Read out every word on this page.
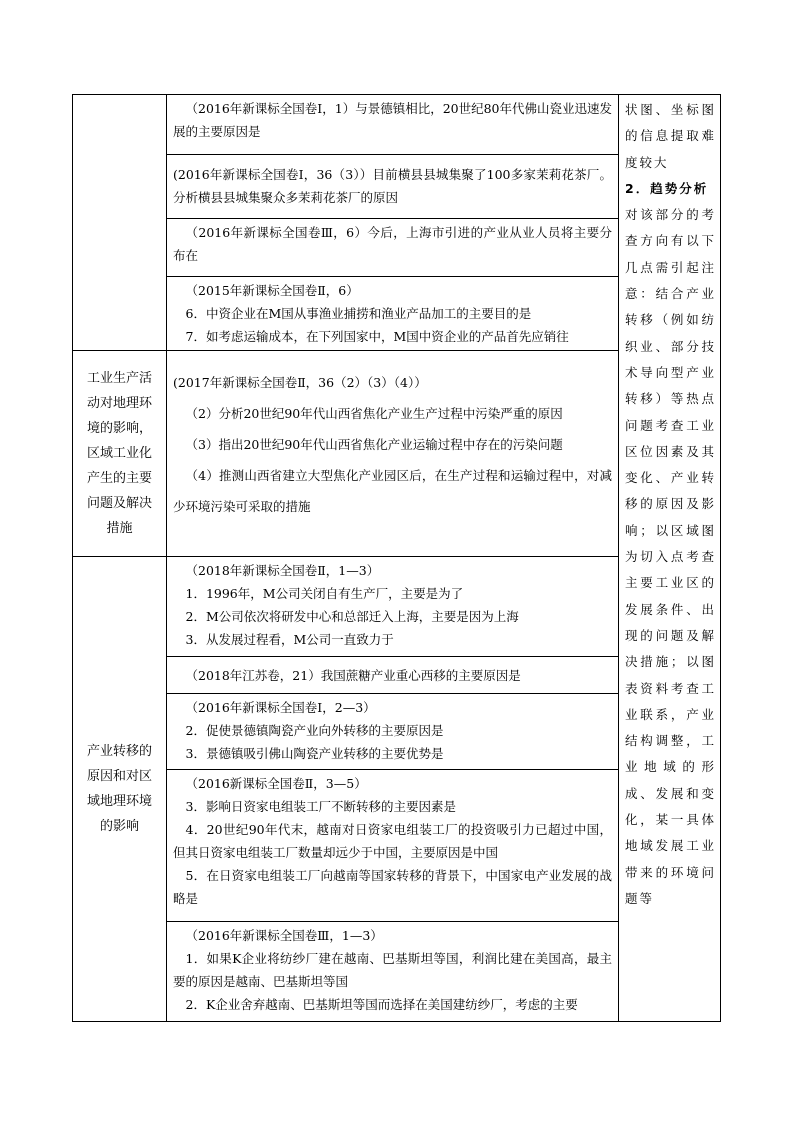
	（2016年新课标全国卷Ⅰ，1）与景德镇相比，20世纪80年代佛山瓷业迅速发展的主要原因是	状图、坐标图的信息提取难度较大
2．趋势分析
对该部分的考查方向有以下几点需引起注意：结合产业转移（例如纺织业、部分技术导向型产业转移）等热点问题考查工业区位因素及其变化、产业转移的原因及影响；以区域图为切入点考查主要工业区的发展条件、出现的问题及解决措施；以图表资料考查工业联系，产业结构调整，工业地域的形成、发展和变化，某一具体地域发展工业带来的环境问题等

	(2016年新课标全国卷Ⅰ，36（3））目前横县县城集聚了100多家茉莉花茶厂。分析横县县城集聚众多茉莉花茶厂的原因	

	（2016年新课标全国卷Ⅲ，6）今后，上海市引进的产业从业人员将主要分布在	

	（2015年新课标全国卷Ⅱ，6）
6．中资企业在M国从事渔业捕捞和渔业产品加工的主要目的是
7．如考虑运输成本，在下列国家中，M国中资企业的产品首先应销往	

工业生产活动对地理环境的影响，区域工业化产生的主要问题及解决措施	(2017年新课标全国卷Ⅱ，36（2）（3）（4））
（2）分析20世纪90年代山西省焦化产业生产过程中污染严重的原因
（3）指出20世纪90年代山西省焦化产业运输过程中存在的污染问题
（4）推测山西省建立大型焦化产业园区后，在生产过程和运输过程中，对减少环境污染可采取的措施	

产业转移的原因和对区域地理环境的影响	（2018年新课标全国卷Ⅱ，1—3）
1．1996年，M公司关闭自有生产厂，主要是为了
2．M公司依次将研发中心和总部迁入上海，主要是因为上海
3．从发展过程看，M公司一直致力于	

	（2018年江苏卷，21）我国蔗糖产业重心西移的主要原因是	

	（2016年新课标全国卷Ⅰ，2—3）
2．促使景德镇陶瓷产业向外转移的主要原因是
3．景德镇吸引佛山陶瓷产业转移的主要优势是	

	（2016新课标全国卷Ⅱ，3—5）
3．影响日资家电组装工厂不断转移的主要因素是
4．20世纪90年代末，越南对日资家电组装工厂的投资吸引力已超过中国，但其日资家电组装工厂数量却远少于中国，主要原因是中国
5．在日资家电组装工厂向越南等国家转移的背景下，中国家电产业发展的战略是	

	（2016年新课标全国卷Ⅲ，1—3）
1．如果K企业将纺纱厂建在越南、巴基斯坦等国，利润比建在美国高，最主要的原因是越南、巴基斯坦等国
2．K企业舍弃越南、巴基斯坦等国而选择在美国建纺纱厂，考虑的主要	
